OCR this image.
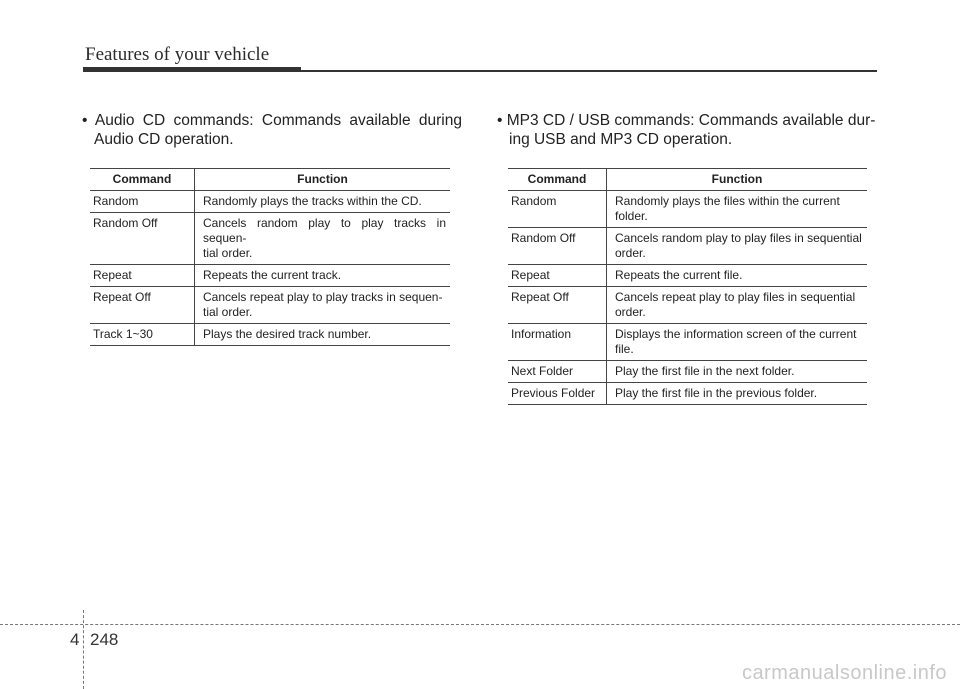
Features of your vehicle
• Audio CD commands: Commands available during
Audio CD operation.
• MP3 CD / USB commands: Commands available dur-
ing USB and MP3 CD operation.
Command	Function
Random	Randomly plays the tracks within the CD.
Random Off	Cancels random play to play tracks in sequen-
tial order.

Repeat	Repeats the current track.
Repeat Off	Cancels repeat play to play tracks in sequen-
tial order.

Track 1~30	Plays the desired track number.
Command	Function
Random	Randomly plays the files within the current
folder.

Random Off	Cancels random play to play files in sequential
order.

Repeat	Repeats the current file.
Repeat Off	Cancels repeat play to play files in sequential
order.

Information	Displays the information screen of the current
file.

Next Folder	Play the first file in the next folder.
Previous Folder	Play the first file in the previous folder.
4 248
carmanualsonline.info
